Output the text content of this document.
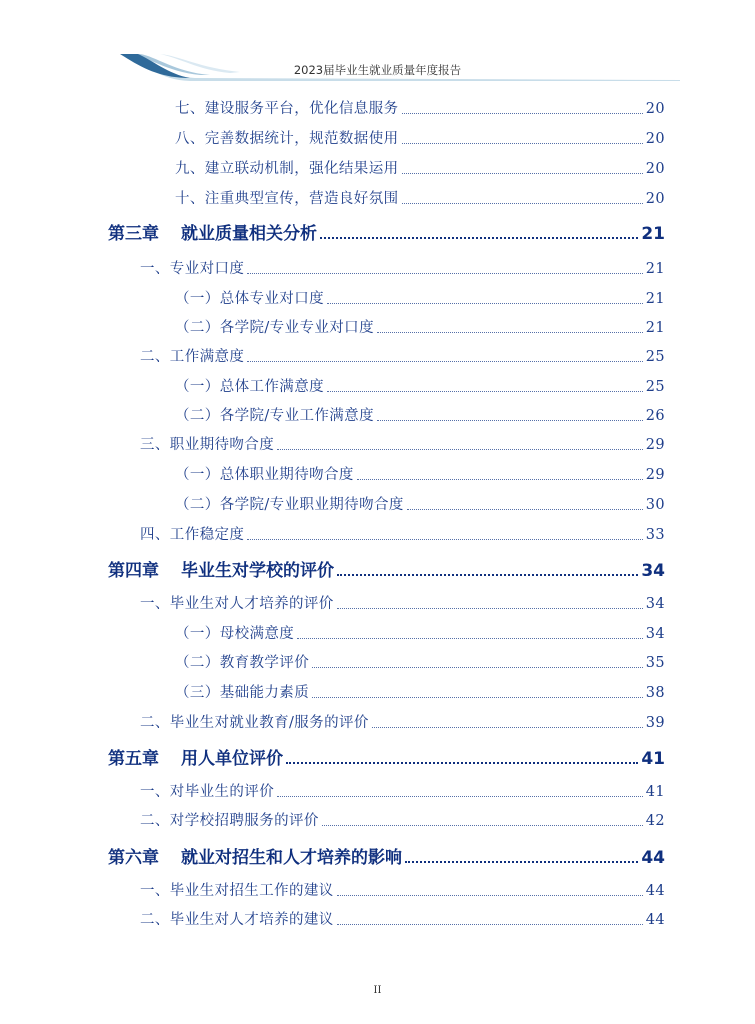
2023届毕业生就业质量年度报告
七、建设服务平台，优化信息服务	20
八、完善数据统计，规范数据使用	20
九、建立联动机制，强化结果运用	20
十、注重典型宣传，营造良好氛围	20
第三章 就业质量相关分析	21
一、专业对口度	21
（一）总体专业对口度	21
（二）各学院/专业专业对口度	21
二、工作满意度	25
（一）总体工作满意度	25
（二）各学院/专业工作满意度	26
三、职业期待吻合度	29
（一）总体职业期待吻合度	29
（二）各学院/专业职业期待吻合度	30
四、工作稳定度	33
第四章 毕业生对学校的评价	34
一、毕业生对人才培养的评价	34
（一）母校满意度	34
（二）教育教学评价	35
（三）基础能力素质	38
二、毕业生对就业教育/服务的评价	39
第五章 用人单位评价	41
一、对毕业生的评价	41
二、对学校招聘服务的评价	42
第六章 就业对招生和人才培养的影响	44
一、毕业生对招生工作的建议	44
二、毕业生对人才培养的建议	44
II
